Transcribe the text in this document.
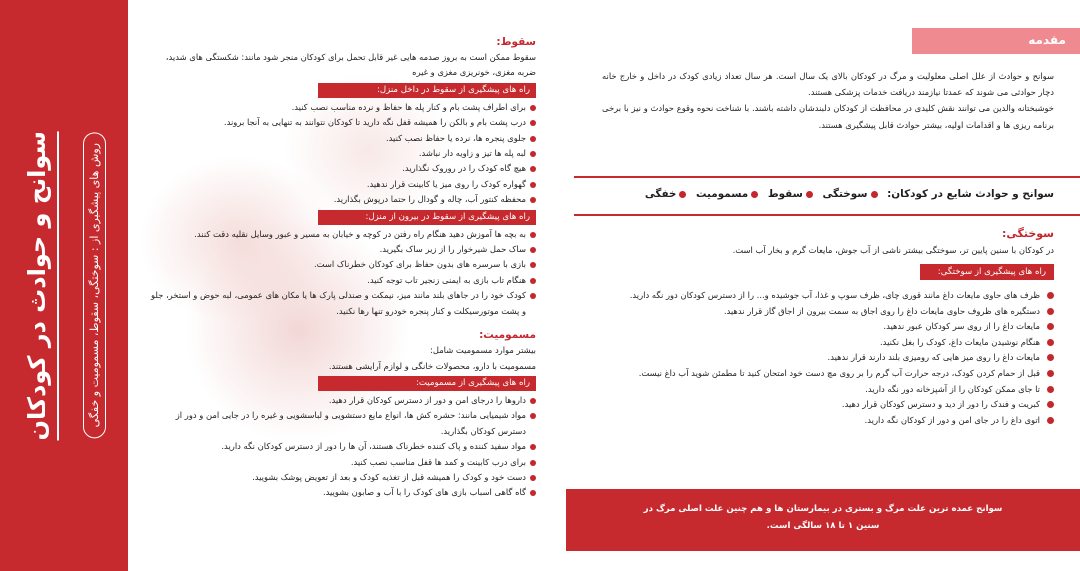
سوانح و حوادث در کودکان	روش های پیشگیری از : سوختگی، سقوط، مسمومیت و خفگی
سقوط:
سقوط ممکن است به بروز صدمه هایی غیر قابل تحمل برای کودکان منجر شود مانند: شکستگی های شدید، ضربه مغزی، خونریزی مغزی و غیره
راه های پیشگیری از سقوط در داخل منزل:
برای اطراف پشت بام و کنار پله ها حفاظ و نرده مناسب نصب کنید.
درب پشت بام و بالکن را همیشه قفل نگه دارید تا کودکان نتوانند به تنهایی به آنجا بروند.
جلوی پنجره ها، نرده یا حفاظ نصب کنید.
لبه پله ها تیز و زاویه دار نباشد.
هیچ گاه کودک را در روروک نگذارید.
گهواره کودک را روی میز یا کابینت قرار ندهید.
محفظه کنتور آب، چاله و گودال را حتما درپوش بگذارید.
راه های پیشگیری از سقوط در بیرون از منزل:
به بچه ها آموزش دهید هنگام راه رفتن در کوچه و خیابان به مسیر و عبور وسایل نقلیه دقت کنند.
ساک حمل شیرخوار را از زیر ساک بگیرید.
بازی با سرسره های بدون حفاظ برای کودکان خطرناک است.
هنگام تاب بازی به ایمنی زنجیر تاب توجه کنید.
کودک خود را در جاهای بلند مانند میز، نیمکت و صندلی پارک ها یا مکان های عمومی، لبه حوض و استخر، جلو و پشت موتورسیکلت و کنار پنجره خودرو تنها رها نکنید.
مسمومیت:
بیشتر موارد مسمومیت شامل:
مسمومیت با دارو، محصولات خانگی و لوازم آرایشی هستند.
راه های پیشگیری از مسمومیت:
داروها را درجای امن و دور از دسترس کودکان قرار دهید.
مواد شیمیایی مانند: حشره کش ها، انواع مایع دستشویی و لباسشویی و غیره را در جایی امن و دور از دسترس کودکان بگذارید.
مواد سفید کننده و پاک کننده خطرناک هستند، آن ها را دور از دسترس کودکان نگه دارید.
برای درب کابینت و کمد ها قفل مناسب نصب کنید.
دست خود و کودک را همیشه قبل از تغذیه کودک و بعد از تعویض پوشک بشویید.
گاه گاهی اسباب بازی های کودک را با آب و صابون بشویید.
مقدمه

سوانح و حوادث از علل اصلی معلولیت و مرگ در کودکان بالای یک سال است. هر سال تعداد زیادی کودک در داخل و خارج خانه دچار حوادثی می شوند که عمدتا نیازمند دریافت خدمات پزشکی هستند.

خوشبختانه والدین می توانند نقش کلیدی در محافظت از کودکان دلبندشان داشته باشند. با شناخت نحوه وقوع حوادث و نیز با برخی برنامه ریزی ها و اقدامات اولیه، بیشتر حوادث قابل پیشگیری هستند.

سوانح و حوادث شایع در کودکان: سوختگی سقوط مسمومیت خفگی
سوختگی:
در کودکان با سنین پایین تر، سوختگی بیشتر ناشی از آب جوش، مایعات گرم و بخار آب است.
راه های پیشگیری از سوختگی:
ظرف های حاوی مایعات داغ مانند قوری چای، ظرف سوپ و غذا، آب جوشیده و... را از دسترس کودکان دور نگه دارید.
دستگیره های ظروف حاوی مایعات داغ را روی اجاق به سمت بیرون از اجاق گاز قرار ندهید.
مایعات داغ را از روی سر کودکان عبور ندهید.
هنگام نوشیدن مایعات داغ، کودک را بغل نکنید.
مایعات داغ را روی میز هایی که رومیزی بلند دارند قرار ندهید.
قبل از حمام کردن کودک، درجه حرارت آب گرم را بر روی مچ دست خود امتحان کنید تا مطمئن شوید آب داغ نیست.
تا جای ممکن کودکان را از آشپزخانه دور نگه دارید.
کبریت و فندک را دور از دید و دسترس کودکان قرار دهید.
اتوی داغ را در جای امن و دور از کودکان نگه دارید.
سوانح عمده ترین علت مرگ و بستری در بیمارستان ها و هم چنین علت اصلی مرگ در
سنین ۱ تا ۱۸ سالگی است.
